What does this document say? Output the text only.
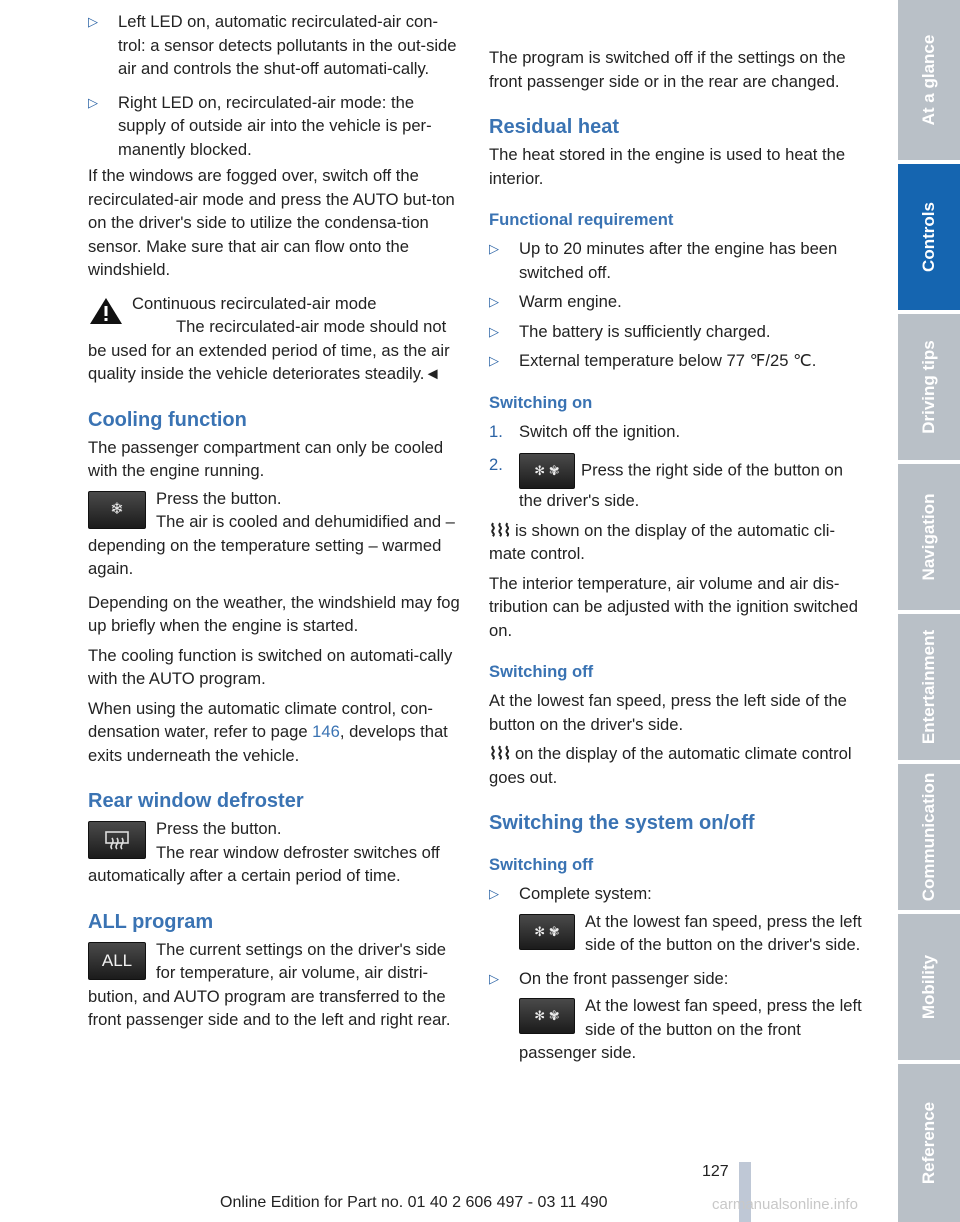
▷ Left LED on, automatic recirculated-air con-trol: a sensor detects pollutants in the out-side air and controls the shut-off automati-cally.

▷ Right LED on, recirculated-air mode: the supply of outside air into the vehicle is per-manently blocked.

If the windows are fogged over, switch off the recirculated-air mode and press the AUTO but-ton on the driver's side to utilize the condensa-tion sensor. Make sure that air can flow onto the windshield.

Continuous recirculated-air mode

The recirculated-air mode should not be used for an extended period of time, as the air quality inside the vehicle deteriorates steadily.◄

Cooling function

The passenger compartment can only be cooled with the engine running.

❄

Press the button.

The air is cooled and dehumidified and – depending on the temperature setting – warmed again.

Depending on the weather, the windshield may fog up briefly when the engine is started.

The cooling function is switched on automati-cally with the AUTO program.

When using the automatic climate control, con-densation water, refer to page 146, develops that exits underneath the vehicle.

Rear window defroster

Press the button.

The rear window defroster switches off automatically after a certain period of time.

ALL program
ALL

The current settings on the driver's side for temperature, air volume, air distri-bution, and AUTO program are transferred to the front passenger side and to the left and right rear.

The program is switched off if the settings on the front passenger side or in the rear are changed.

Residual heat

The heat stored in the engine is used to heat the interior.

Functional requirement

▷ Up to 20 minutes after the engine has been switched off.

▷ Warm engine.

▷ The battery is sufficiently charged.

▷ External temperature below 77 ℉/25 ℃.

Switching on

1. Switch off the ignition.

2. ✻ ✾ Press the right side of the button on the driver's side.

⌇⌇⌇ is shown on the display of the automatic cli-mate control.

The interior temperature, air volume and air dis-tribution can be adjusted with the ignition switched on.

Switching off

At the lowest fan speed, press the left side of the button on the driver's side.

⌇⌇⌇ on the display of the automatic climate control goes out.

Switching the system on/off
Switching off
▷ Complete system:

✻ ✾

At the lowest fan speed, press the left side of the button on the driver's side.

▷ On the front passenger side:

✻ ✾

At the lowest fan speed, press the left side of the button on the front passenger side.

At a glance
Controls
Driving tips
Navigation
Entertainment
Communication
Mobility
Reference
127
Online Edition for Part no. 01 40 2 606 497 - 03 11 490	carmanualsonline.info
